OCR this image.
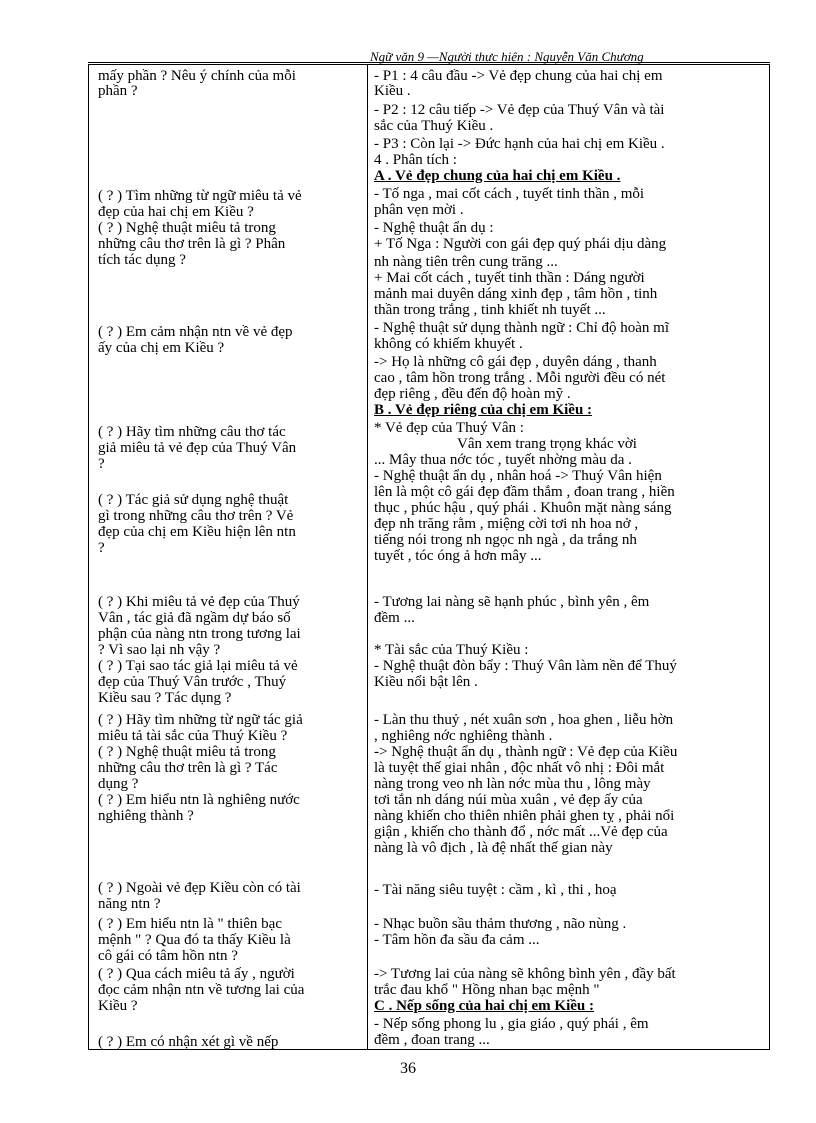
Ngữ văn 9 —Người thực hiện : Nguyễn Văn Chương
mấy phần ? Nêu ý chính của mỗi
phần ?
( ? ) Tìm những từ ngữ miêu tả vẻ
đẹp của hai chị em Kiều ?
( ? ) Nghệ thuật miêu tả trong
những câu thơ trên là gì ? Phân
tích tác dụng ?
( ? ) Em cảm nhận ntn về vẻ đẹp
ấy của chị em Kiều ?
( ? ) Hãy tìm những câu thơ tác
giả miêu tả vẻ đẹp của Thuý Vân
?
( ? ) Tác giả sử dụng nghệ thuật
gì trong những câu thơ trên ? Vẻ
đẹp của chị em Kiều hiện lên ntn
?
( ? ) Khi miêu tả vẻ đẹp của Thuý
Vân , tác giả đã ngầm dự báo số
phận của nàng ntn trong tương lai
? Vì sao lại nh vậy ?
( ? ) Tại sao tác giả lại miêu tả vẻ
đẹp của Thuý Vân trước , Thuý
Kiều sau ? Tác dụng ?
( ? ) Hãy tìm những từ ngữ tác giả
miêu tả tài sắc của Thuý Kiều ?
( ? ) Nghệ thuật miêu tả trong
những câu thơ trên là gì ? Tác
dụng ?
( ? ) Em hiểu ntn là nghiêng nước
nghiêng thành ?
( ? ) Ngoài vẻ đẹp Kiều còn có tài
năng ntn ?
( ? ) Em hiểu ntn là " thiên bạc
mệnh " ? Qua đó ta thấy Kiều là
cô gái có tâm hồn ntn ?
( ? ) Qua cách miêu tả ấy , người
đọc cảm nhận ntn về tương lai của
Kiều ?
( ? ) Em có nhận xét gì về nếp
- P1 : 4 câu đầu -> Vẻ đẹp chung của hai chị em
Kiều .
- P2 : 12 câu tiếp -> Vẻ đẹp của Thuý Vân và tài
sắc của Thuý Kiều .
- P3 : Còn lại -> Đức hạnh của hai chị em Kiều .
4 . Phân tích :
A . Vẻ đẹp chung của hai chị em Kiều .
- Tố nga , mai cốt cách , tuyết tinh thần , mỗi
phân vẹn mời .
- Nghệ thuật ẩn dụ :
+ Tố Nga : Người con gái đẹp quý phái dịu dàng
nh nàng tiên trên cung trăng ...
+ Mai cốt cách , tuyết tinh thần : Dáng người
mảnh mai duyên dáng xinh đẹp , tâm hồn , tinh
thần trong trắng , tinh khiết nh tuyết ...
- Nghệ thuật sử dụng thành ngữ : Chỉ độ hoàn mĩ
không có khiếm khuyết .
-> Họ là những cô gái đẹp , duyên dáng , thanh
cao , tâm hồn trong trắng . Mỗi người đều có nét
đẹp riêng , đều đến độ hoàn mỹ .
B . Vẻ đẹp riêng của chị em Kiều :
* Vẻ đẹp của Thuý Vân :
Vân xem trang trọng khác vời
... Mây thua nớc tóc , tuyết nhờng màu da .
- Nghệ thuật ẩn dụ , nhân hoá -> Thuý Vân hiện
lên là một cô gái đẹp đầm thắm , đoan trang , hiền
thục , phúc hậu , quý phái . Khuôn mặt nàng sáng
đẹp nh trăng rằm , miệng cời tơi nh hoa nở ,
tiếng nói trong nh ngọc nh ngà , da trắng nh
tuyết , tóc óng ả hơn mây ...
- Tương lai nàng sẽ hạnh phúc , bình yên , êm
đềm ...
* Tài sắc của Thuý Kiều :
- Nghệ thuật đòn bẩy : Thuý Vân làm nền để Thuý
Kiều nổi bật lên .
- Làn thu thuỷ , nét xuân sơn , hoa ghen , liễu hờn
, nghiêng nớc nghiêng thành .
-> Nghệ thuật ẩn dụ , thành ngữ : Vẻ đẹp của Kiều
là tuyệt thế giai nhân , độc nhất vô nhị : Đôi mắt
nàng trong veo nh làn nớc mùa thu , lông mày
tơi tắn nh dáng núi mùa xuân , vẻ đẹp ấy của
nàng khiến cho thiên nhiên phải ghen tỵ , phải nổi
giận , khiến cho thành đổ , nớc mất ...Vẻ đẹp của
nàng là vô địch , là đệ nhất thế gian này
- Tài năng siêu tuyệt : cầm , kì , thi , hoạ
- Nhạc buồn sầu thảm thương , não nùng .
- Tâm hồn đa sầu đa cảm ...
-> Tương lai của nàng sẽ không bình yên , đầy bất
trắc đau khổ " Hồng nhan bạc mệnh "
C . Nếp sống của hai chị em Kiều :
- Nếp sống phong lu , gia giáo , quý phái , êm
đềm , đoan trang ...
36
